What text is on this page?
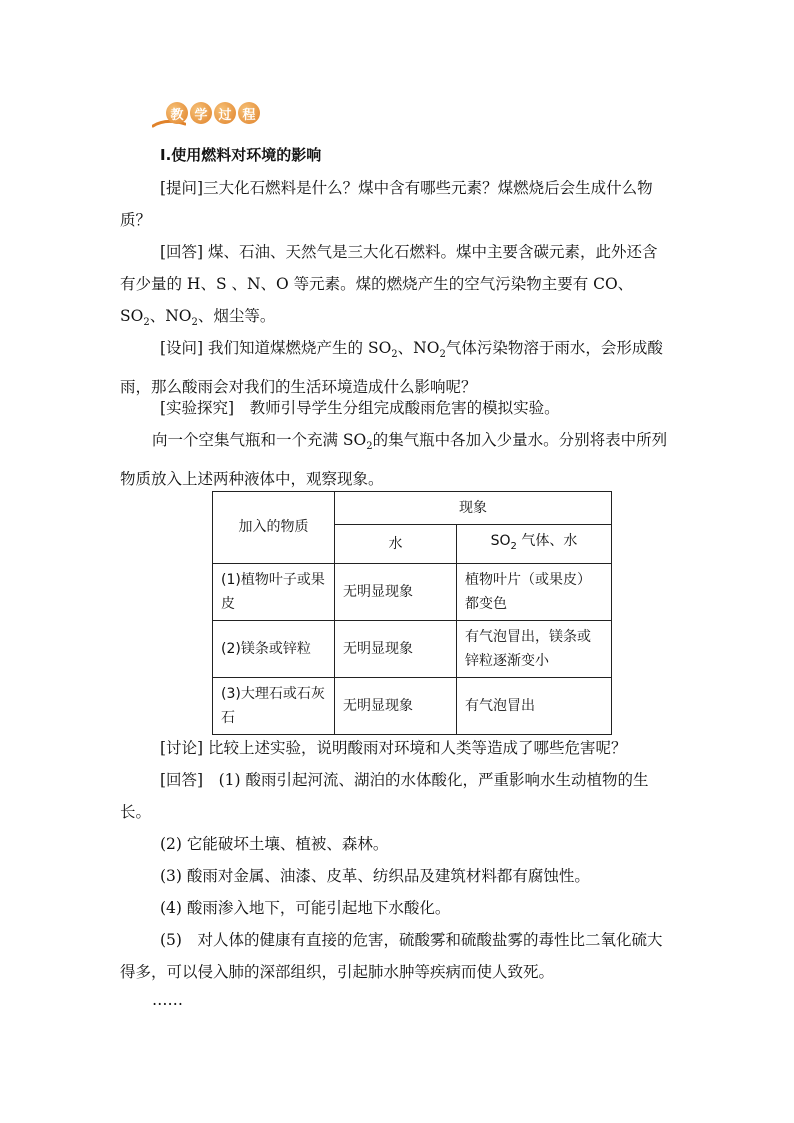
教 学 过 程
Ⅰ.使用燃料对环境的影响
[提问]三大化石燃料是什么？煤中含有哪些元素？煤燃烧后会生成什么物质？
[回答] 煤、石油、天然气是三大化石燃料。煤中主要含碳元素，此外还含有少量的 H、S 、N、O 等元素。煤的燃烧产生的空气污染物主要有 CO、$SO_2$、$NO_2$、烟尘等。
[设问] 我们知道煤燃烧产生的 $SO_2$、$NO_2$气体污染物溶于雨水，会形成酸雨，那么酸雨会对我们的生活环境造成什么影响呢？
[实验探究]　教师引导学生分组完成酸雨危害的模拟实验。
向一个空集气瓶和一个充满 $SO_2$的集气瓶中各加入少量水。分别将表中所列物质放入上述两种液体中，观察现象。
加入的物质	现象	
	水	$SO_2$ 气体、水
(1)植物叶子或果皮	无明显现象	植物叶片（或果皮）都变色
(2)镁条或锌粒	无明显现象	有气泡冒出，镁条或锌粒逐渐变小
(3)大理石或石灰石	无明显现象	有气泡冒出
[讨论] 比较上述实验，说明酸雨对环境和人类等造成了哪些危害呢？
[回答]　(1) 酸雨引起河流、湖泊的水体酸化，严重影响水生动植物的生长。
(2) 它能破坏土壤、植被、森林。
(3) 酸雨对金属、油漆、皮革、纺织品及建筑材料都有腐蚀性。
(4) 酸雨渗入地下，可能引起地下水酸化。
(5)　对人体的健康有直接的危害，硫酸雾和硫酸盐雾的毒性比二氧化硫大得多，可以侵入肺的深部组织，引起肺水肿等疾病而使人致死。
……
